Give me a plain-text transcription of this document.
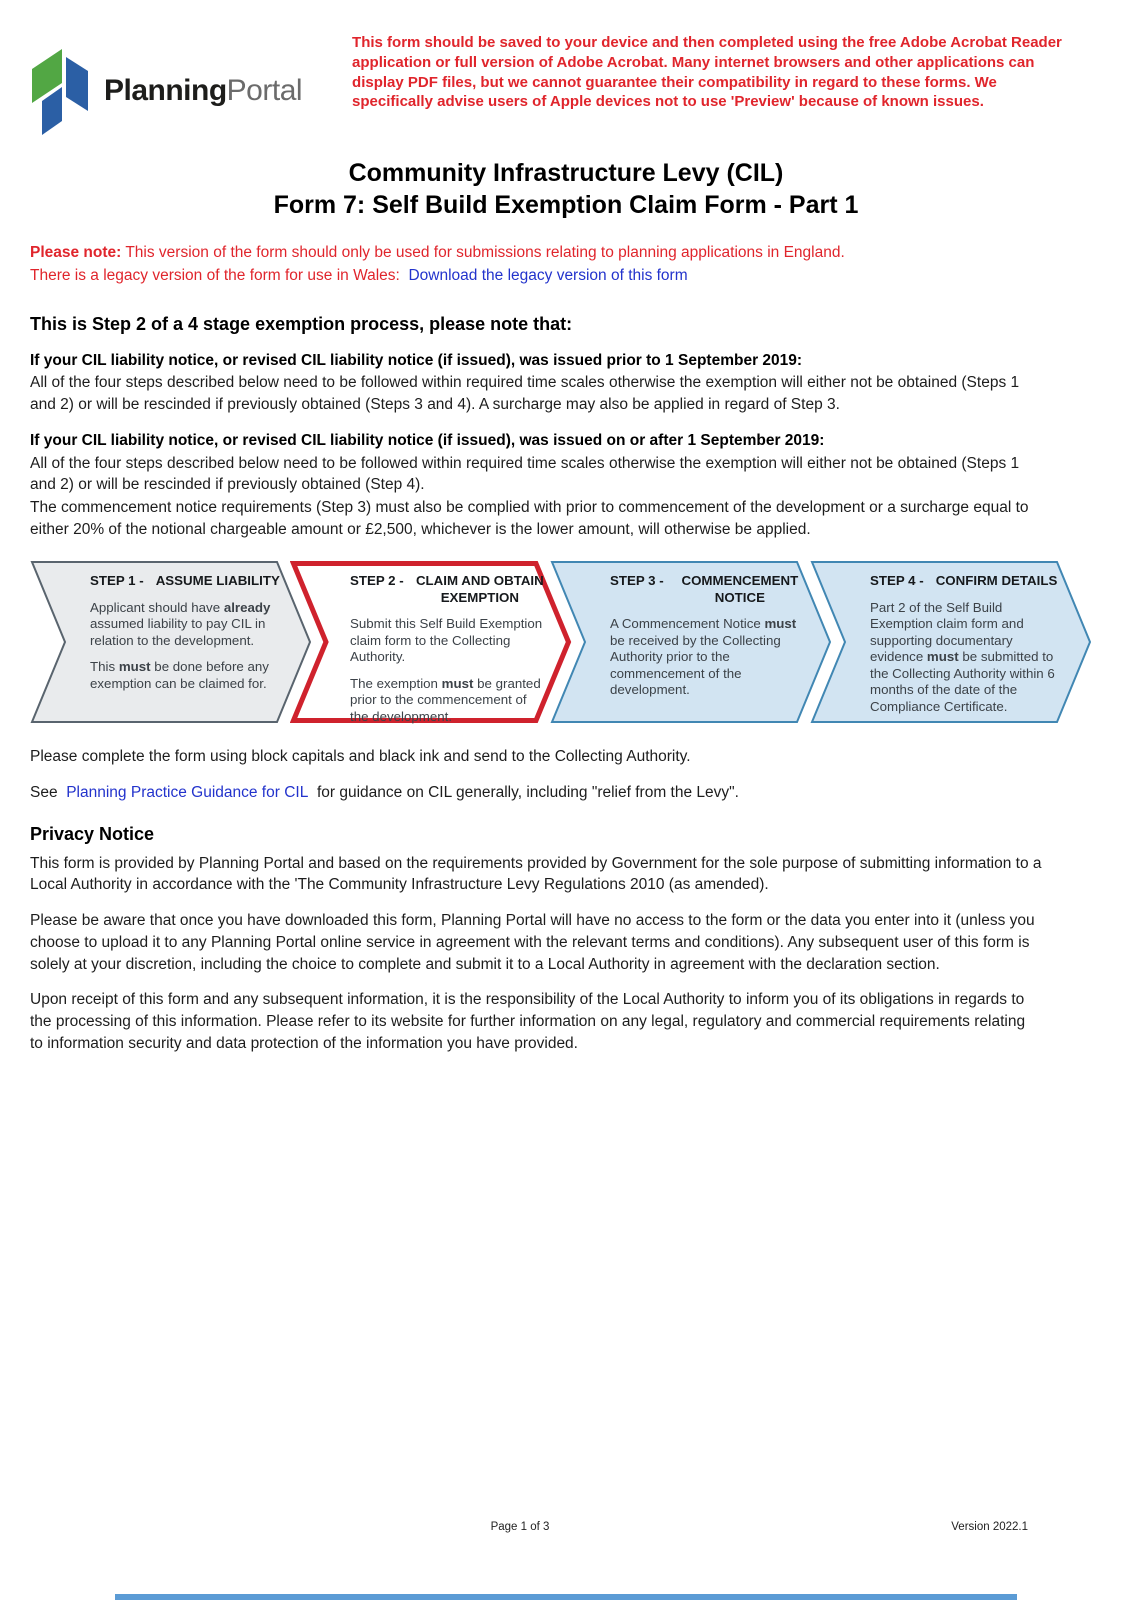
PlanningPortal
This form should be saved to your device and then completed using the free Adobe Acrobat Reader application or full version of Adobe Acrobat. Many internet browsers and other applications can display PDF files, but we cannot guarantee their compatibility in regard to these forms. We specifically advise users of Apple devices not to use 'Preview' because of known issues.
Community Infrastructure Levy (CIL)
Form 7: Self Build Exemption Claim Form - Part 1
Please note: This version of the form should only be used for submissions relating to planning applications in England.
There is a legacy version of the form for use in Wales: Download the legacy version of this form
This is Step 2 of a 4 stage exemption process, please note that:

If your CIL liability notice, or revised CIL liability notice (if issued), was issued prior to 1 September 2019:

All of the four steps described below need to be followed within required time scales otherwise the exemption will either not be obtained (Steps 1 and 2) or will be rescinded if previously obtained (Steps 3 and 4). A surcharge may also be applied in regard of Step 3.

If your CIL liability notice, or revised CIL liability notice (if issued), was issued on or after 1 September 2019:

All of the four steps described below need to be followed within required time scales otherwise the exemption will either not be obtained (Steps 1 and 2) or will be rescinded if previously obtained (Step 4).

The commencement notice requirements (Step 3) must also be complied with prior to commencement of the development or a surcharge equal to either 20% of the notional chargeable amount or £2,500, whichever is the lower amount, will otherwise be applied.

STEP 1 - ASSUME LIABILITY

Applicant should have already assumed liability to pay CIL in relation to the development.

This must be done before any exemption can be claimed for.

STEP 2 - CLAIM AND OBTAIN EXEMPTION

Submit this Self Build Exemption claim form to the Collecting Authority.

The exemption must be granted prior to the commencement of the development.

STEP 3 -	COMMENCEMENT NOTICE

A Commencement Notice must be received by the Collecting Authority prior to the commencement of the development.

STEP 4 - CONFIRM DETAILS

Part 2 of the Self Build Exemption claim form and supporting documentary evidence must be submitted to the Collecting Authority within 6 months of the date of the Compliance Certificate.

Please complete the form using block capitals and black ink and send to the Collecting Authority.

See Planning Practice Guidance for CIL for guidance on CIL generally, including "relief from the Levy".

Privacy Notice

This form is provided by Planning Portal and based on the requirements provided by Government for the sole purpose of submitting information to a Local Authority in accordance with the 'The Community Infrastructure Levy Regulations 2010 (as amended).

Please be aware that once you have downloaded this form, Planning Portal will have no access to the form or the data you enter into it (unless you choose to upload it to any Planning Portal online service in agreement with the relevant terms and conditions). Any subsequent user of this form is solely at your discretion, including the choice to complete and submit it to a Local Authority in agreement with the declaration section.

Upon receipt of this form and any subsequent information, it is the responsibility of the Local Authority to inform you of its obligations in regards to the processing of this information. Please refer to its website for further information on any legal, regulatory and commercial requirements relating to information security and data protection of the information you have provided.

Page 1 of 3	Version 2022.1
